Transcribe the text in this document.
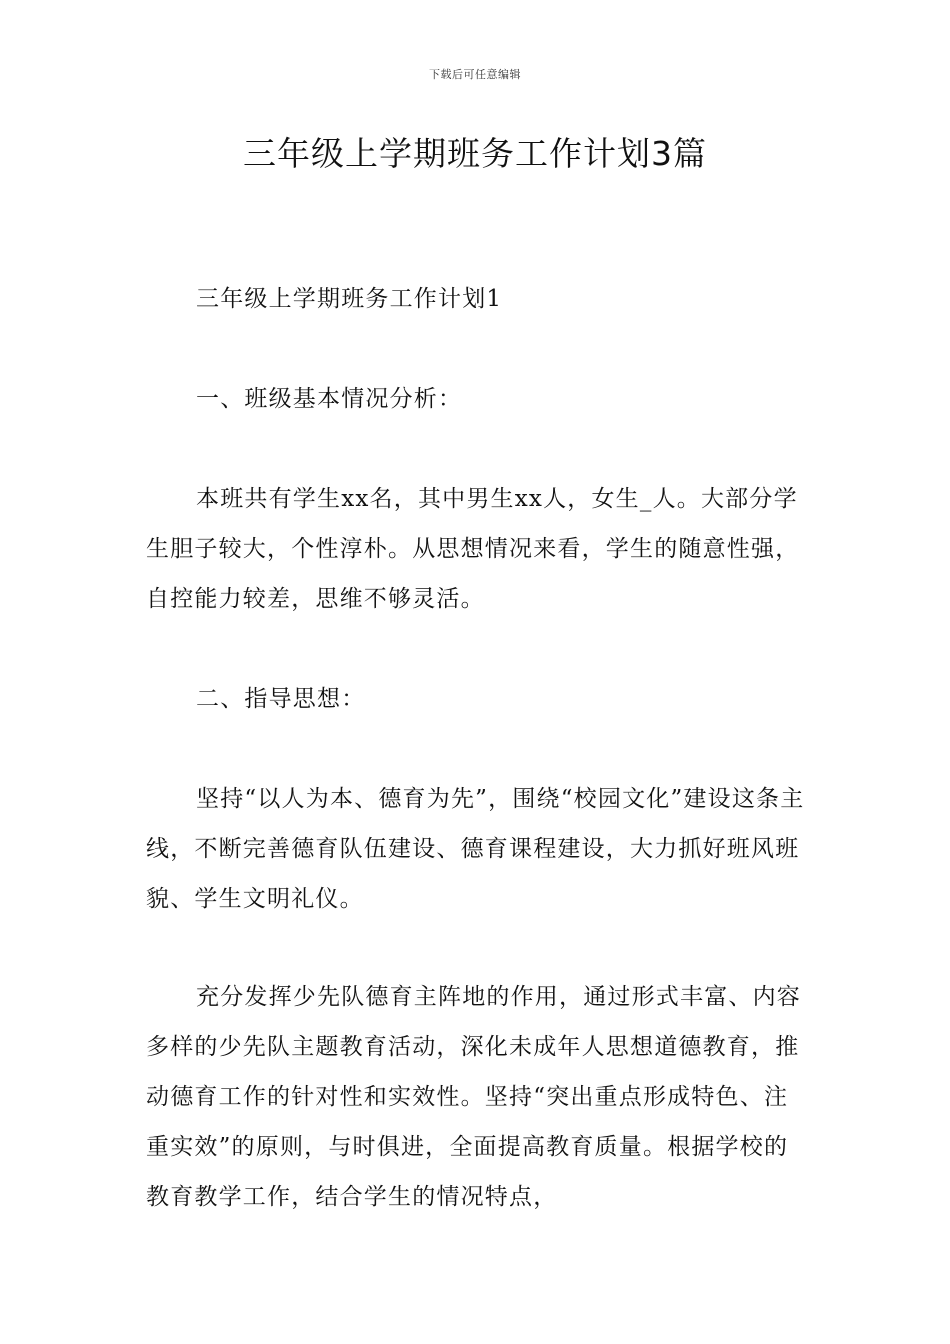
下载后可任意编辑
三年级上学期班务工作计划3篇

三年级上学期班务工作计划1

一、班级基本情况分析：

本班共有学生xx名，其中男生xx人，女生_人。大部分学生胆子较大，个性淳朴。从思想情况来看，学生的随意性强，自控能力较差，思维不够灵活。

二、指导思想：

坚持“以人为本、德育为先”，围绕“校园文化”建设这条主线，不断完善德育队伍建设、德育课程建设，大力抓好班风班貌、学生文明礼仪。

充分发挥少先队德育主阵地的作用，通过形式丰富、内容多样的少先队主题教育活动，深化未成年人思想道德教育，推动德育工作的针对性和实效性。坚持“突出重点形成特色、注重实效”的原则，与时俱进，全面提高教育质量。根据学校的教育教学工作，结合学生的情况特点，
